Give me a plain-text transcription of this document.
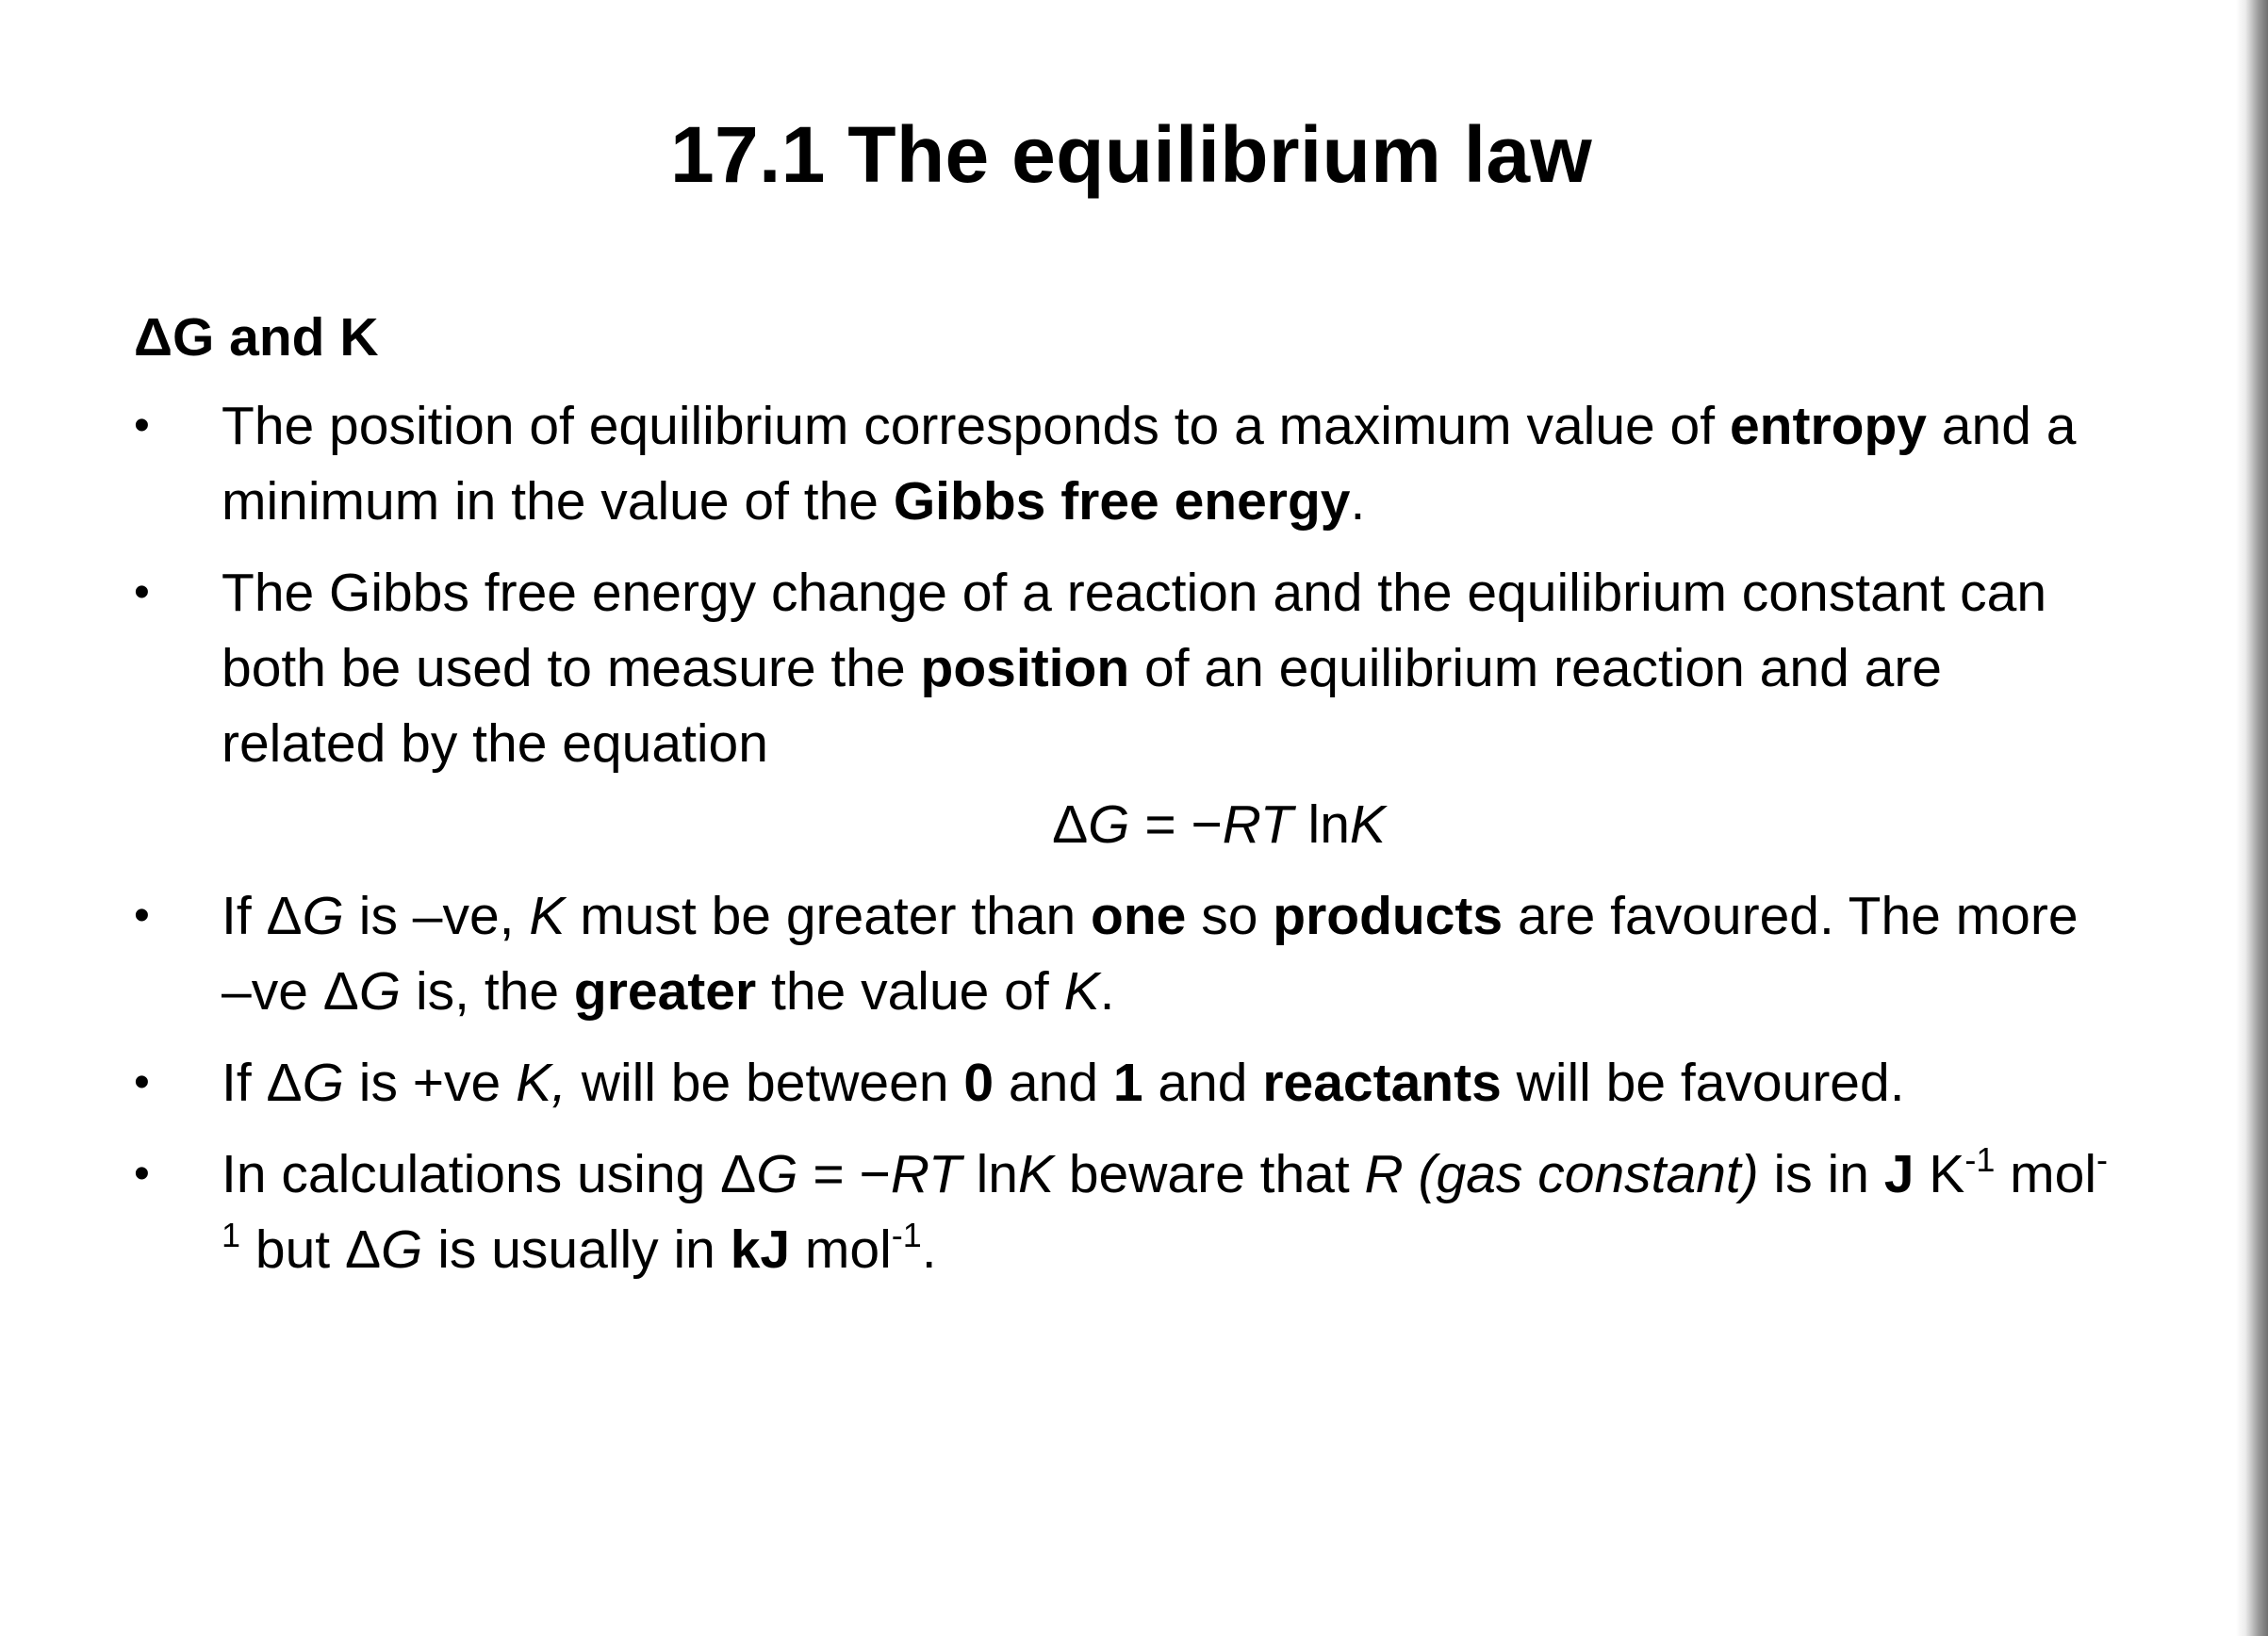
17.1 The equilibrium law
ΔG and K
• The position of equilibrium corresponds to a maximum value of entropy and a minimum in the value of the Gibbs free energy.
• The Gibbs free energy change of a reaction and the equilibrium constant can both be used to measure the position of an equilibrium reaction and are related by the equation
ΔG = −RT lnK
• If ΔG is –ve, K must be greater than one so products are favoured. The more –ve ΔG is, the greater the value of K.
• If ΔG is +ve K, will be between 0 and 1 and reactants will be favoured.
• In calculations using ΔG = −RT lnK beware that R (gas constant) is in J $K^{-1}$ mol$^{-1}$ but ΔG is usually in kJ mol$^{-1}$.
